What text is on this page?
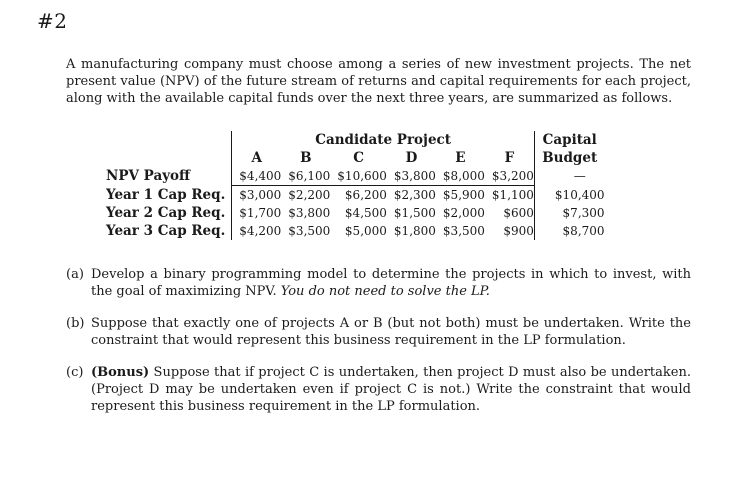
#2
A manufacturing company must choose among a series of new investment projects. The net present value (NPV) of the future stream of returns and capital requirements for each project, along with the available capital funds over the next three years, are summarized as follows.
	Candidate Project						Capital
	A	B	C	D	E	F	Budget
NPV Payoff	$4,400	$6,100	$10,600	$3,800	$8,000	$3,200	—
Year 1 Cap Req.	$3,000	$2,200	$6,200	$2,300	$5,900	$1,100	$10,400
Year 2 Cap Req.	$1,700	$3,800	$4,500	$1,500	$2,000	$600	$7,300
Year 3 Cap Req.	$4,200	$3,500	$5,000	$1,800	$3,500	$900	$8,700
(a) Develop a binary programming model to determine the projects in which to invest, with the goal of maximizing NPV. You do not need to solve the LP.
(b) Suppose that exactly one of projects A or B (but not both) must be undertaken. Write the constraint that would represent this business requirement in the LP formulation.
(c) (Bonus) Suppose that if project C is undertaken, then project D must also be undertaken. (Project D may be undertaken even if project C is not.) Write the constraint that would represent this business requirement in the LP formulation.
